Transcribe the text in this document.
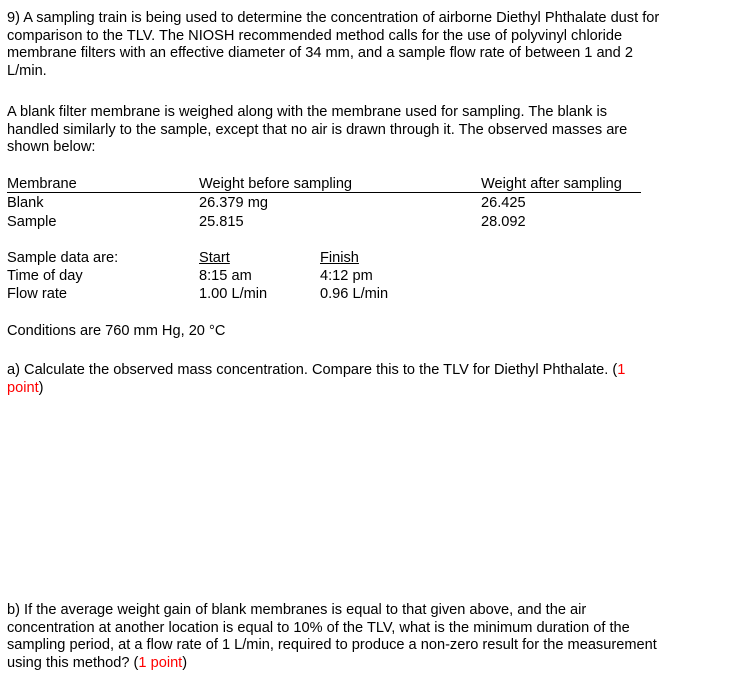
9) A sampling train is being used to determine the concentration of airborne Diethyl Phthalate dust for
comparison to the TLV. The NIOSH recommended method calls for the use of polyvinyl chloride
membrane filters with an effective diameter of 34 mm, and a sample flow rate of between 1 and 2
L/min.
A blank filter membrane is weighed along with the membrane used for sampling. The blank is
handled similarly to the sample, except that no air is drawn through it. The observed masses are
shown below:
Membrane	Weight before sampling	Weight after sampling
Blank	26.379 mg	26.425
Sample	25.815	28.092
Sample data are:	Start	Finish
Time of day	8:15 am	4:12 pm
Flow rate	1.00 L/min	0.96 L/min
Conditions are 760 mm Hg, 20 °C
a) Calculate the observed mass concentration. Compare this to the TLV for Diethyl Phthalate. (1
point)
b) If the average weight gain of blank membranes is equal to that given above, and the air
concentration at another location is equal to 10% of the TLV, what is the minimum duration of the
sampling period, at a flow rate of 1 L/min, required to produce a non-zero result for the measurement
using this method? (1 point)
